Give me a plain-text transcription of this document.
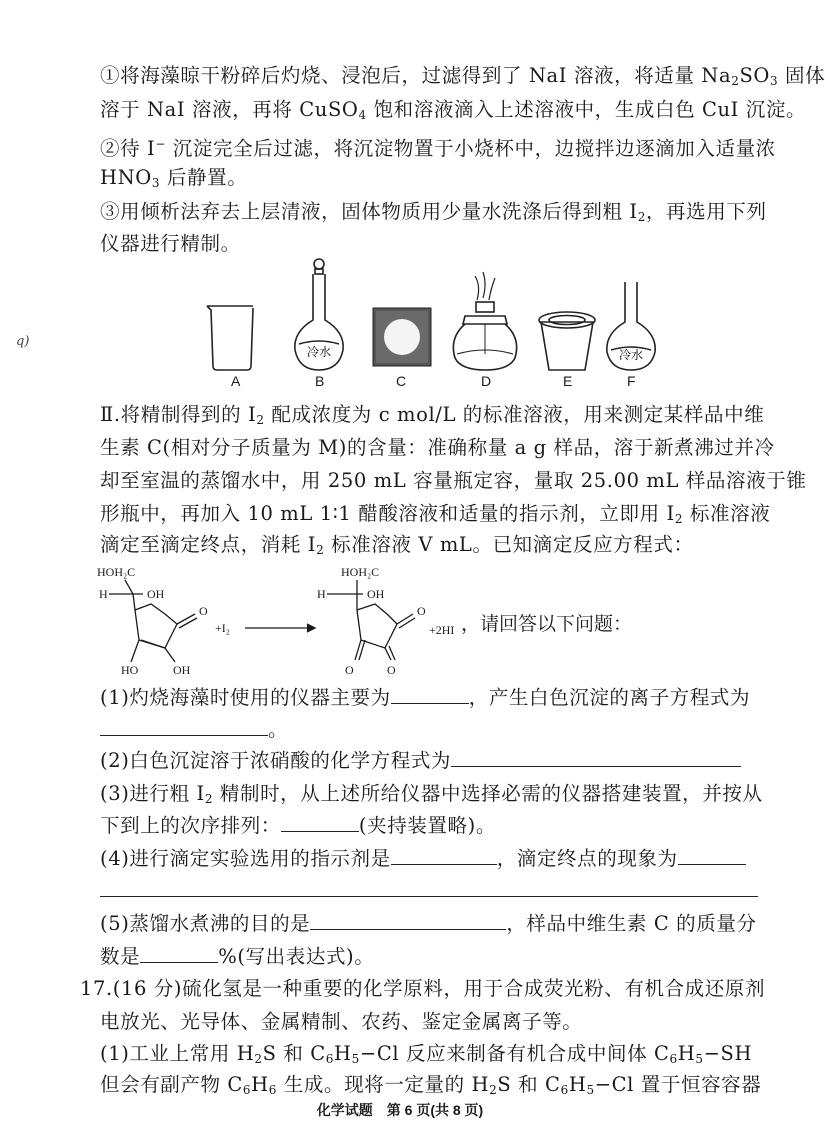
q)
①将海藻晾干粉碎后灼烧、浸泡后，过滤得到了 NaI 溶液，将适量 $Na_2SO_3$ 固体
溶于 NaI 溶液，再将 CuSO$_4$ 饱和溶液滴入上述溶液中，生成白色 CuI 沉淀。
②待 I− 沉淀完全后过滤，将沉淀物置于小烧杯中，边搅拌边逐滴加入适量浓
$HNO_3$ 后静置。
③用倾析法弃去上层清液，固体物质用少量水洗涤后得到粗 $I_2$，再选用下列
仪器进行精制。
冷水	冷水
A	B	C	D	E	F
Ⅱ.将精制得到的 $I_2$ 配成浓度为 c mol/L 的标准溶液，用来测定某样品中维
生素 C(相对分子质量为 M)的含量：准确称量 a g 样品，溶于新煮沸过并冷
却至室温的蒸馏水中，用 250 mL 容量瓶定容，量取 25.00 mL 样品溶液于锥
形瓶中，再加入 10 mL 1∶1 醋酸溶液和适量的指示剂，立即用 $I_2$ 标准溶液
滴定至滴定终点，消耗 $I_2$ 标准溶液 V mL。已知滴定反应方程式：
HOH₂C
H	OH
O
HO	OH
+I₂
HOH₂C
H	OH
O
O	O
+2HI ，请回答以下问题：
(1)灼烧海藻时使用的仪器主要为	，产生白色沉淀的离子方程式为
。
(2)白色沉淀溶于浓硝酸的化学方程式为
(3)进行粗 $I_2$ 精制时，从上述所给仪器中选择必需的仪器搭建装置，并按从
下到上的次序排列：	(夹持装置略)。
(4)进行滴定实验选用的指示剂是	，滴定终点的现象为
(5)蒸馏水煮沸的目的是	，样品中维生素 C 的质量分
数是	%(写出表达式)。
17.(16 分)硫化氢是一种重要的化学原料，用于合成荧光粉、有机合成还原剂
电放光、光导体、金属精制、农药、鉴定金属离子等。
(1)工业上常用 $H_2S$ 和 $C_6H_5-Cl$ 反应来制备有机合成中间体 $C_6H_5-SH$
但会有副产物 $C_6H_6$ 生成。现将一定量的 $H_2S$ 和 $C_6H_5-Cl$ 置于恒容容器
化学试题　第 6 页(共 8 页)
